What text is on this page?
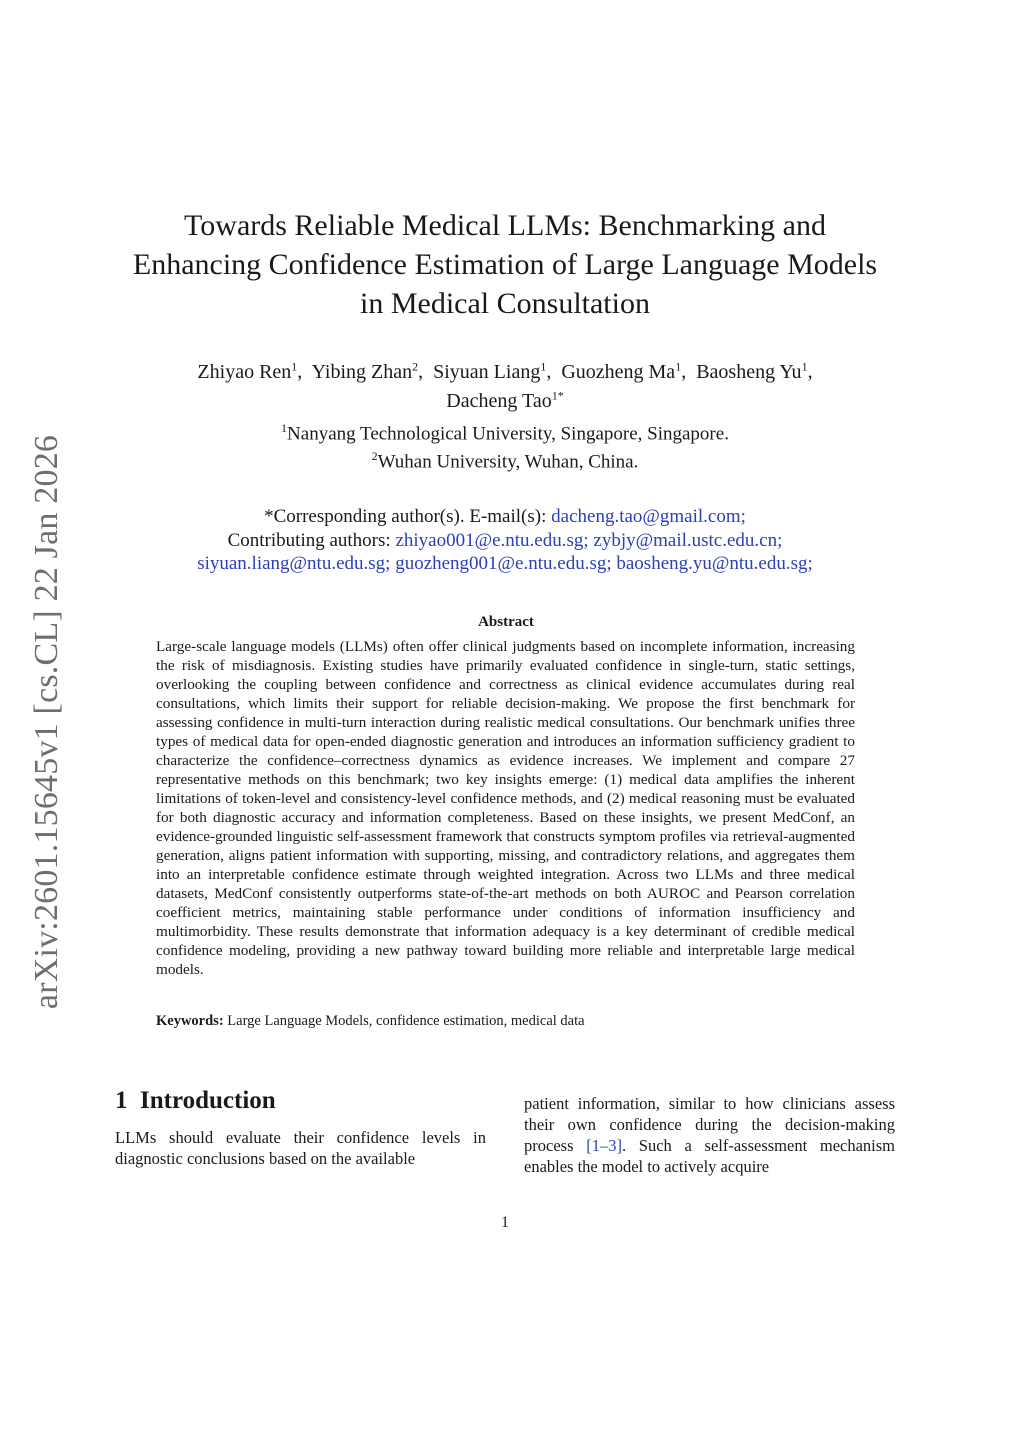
arXiv:2601.15645v1 [cs.CL] 22 Jan 2026
Towards Reliable Medical LLMs: Benchmarking and
Enhancing Confidence Estimation of Large Language Models
in Medical Consultation
Zhiyao Ren$^1$,  Yibing Zhan$^2$,  Siyuan Liang$^1$,  Guozheng Ma$^1$,  Baosheng Yu$^1$,
Dacheng Tao$^{1*}$
$^1$Nanyang Technological University, Singapore, Singapore.
$^2$Wuhan University, Wuhan, China.
*Corresponding author(s). E-mail(s): dacheng.tao@gmail.com;
Contributing authors: zhiyao001@e.ntu.edu.sg; zybjy@mail.ustc.edu.cn;
siyuan.liang@ntu.edu.sg; guozheng001@e.ntu.edu.sg; baosheng.yu@ntu.edu.sg;
Abstract
Large-scale language models (LLMs) often offer clinical judgments based on incomplete information, increasing the risk of misdiagnosis. Existing studies have primarily evaluated confidence in single-turn, static settings, overlooking the coupling between confidence and correctness as clinical evidence accumulates during real consultations, which limits their support for reliable decision-making. We propose the first benchmark for assessing confidence in multi-turn interaction during realistic medical consultations. Our benchmark unifies three types of medical data for open-ended diagnostic generation and introduces an information sufficiency gradient to characterize the confidence–correctness dynamics as evidence increases. We implement and compare 27 representative methods on this benchmark; two key insights emerge: (1) medical data amplifies the inherent limitations of token-level and consistency-level confidence methods, and (2) medical reasoning must be evaluated for both diagnostic accuracy and information completeness. Based on these insights, we present MedConf, an evidence-grounded linguistic self-assessment framework that constructs symptom profiles via retrieval-augmented generation, aligns patient information with supporting, missing, and contradictory relations, and aggregates them into an interpretable confidence estimate through weighted integration. Across two LLMs and three medical datasets, MedConf consistently outperforms state-of-the-art methods on both AUROC and Pearson correlation coefficient metrics, maintaining stable performance under conditions of information insufficiency and multimorbidity. These results demonstrate that information adequacy is a key determinant of credible medical confidence modeling, providing a new pathway toward building more reliable and interpretable large medical models.
Keywords: Large Language Models, confidence estimation, medical data
1 Introduction
LLMs should evaluate their confidence levels in diagnostic conclusions based on the available
patient information, similar to how clinicians assess their own confidence during the decision-making process [1–3]. Such a self-assessment mechanism enables the model to actively acquire
1
